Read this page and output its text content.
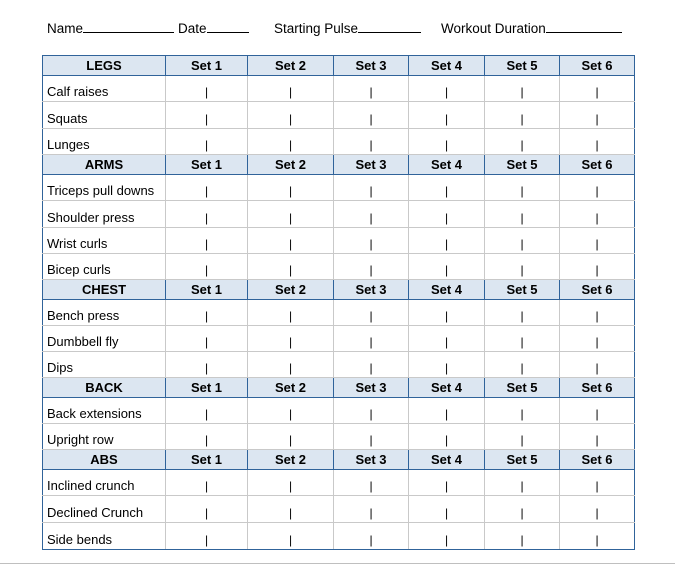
Name	Date	Starting Pulse	Workout Duration
LEGS	Set 1	Set 2	Set 3	Set 4	Set 5	Set 6
Calf raises	|	|	|	|	|	|
Squats	|	|	|	|	|	|
Lunges	|	|	|	|	|	|
ARMS	Set 1	Set 2	Set 3	Set 4	Set 5	Set 6
Triceps pull downs	|	|	|	|	|	|
Shoulder press	|	|	|	|	|	|
Wrist curls	|	|	|	|	|	|
Bicep curls	|	|	|	|	|	|
CHEST	Set 1	Set 2	Set 3	Set 4	Set 5	Set 6
Bench press	|	|	|	|	|	|
Dumbbell fly	|	|	|	|	|	|
Dips	|	|	|	|	|	|
BACK	Set 1	Set 2	Set 3	Set 4	Set 5	Set 6
Back extensions	|	|	|	|	|	|
Upright row	|	|	|	|	|	|
ABS	Set 1	Set 2	Set 3	Set 4	Set 5	Set 6
Inclined crunch	|	|	|	|	|	|
Declined Crunch	|	|	|	|	|	|
Side bends	|	|	|	|	|	|
